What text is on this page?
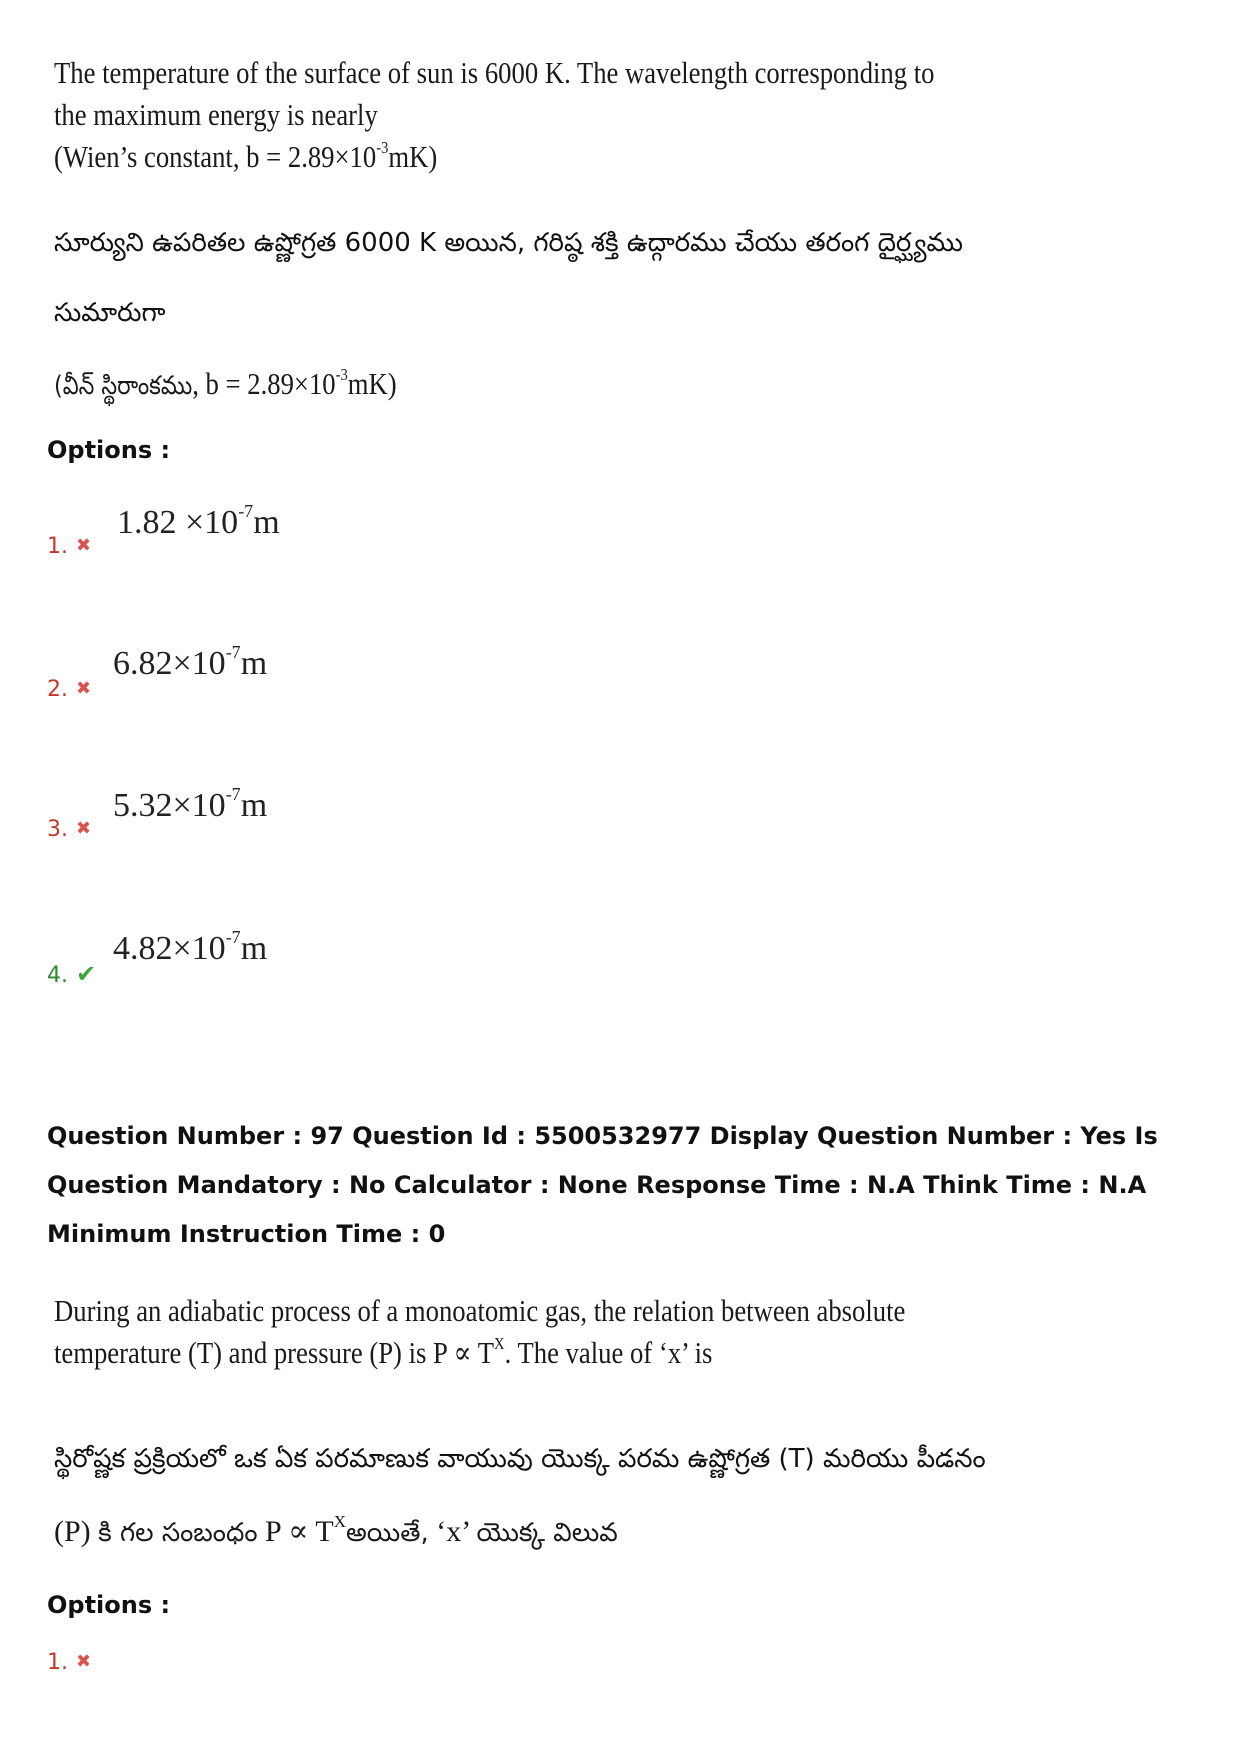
The temperature of the surface of sun is 6000 K. The wavelength corresponding to
the maximum energy is nearly
(Wien’s constant, $b = 2.89\times 10^{-3}mK$)
సూర్యుని ఉపరితల ఉష్ణోగ్రత 6000 K అయిన, గరిష్ఠ శక్తి ఉద్గారము చేయు తరంగ దైర్ఘ్యము
సుమారుగా
(వీన్ స్థిరాంకము, $b = 2.89\times 10^{-3}mK$)
Options :
1. ✖
$1.82 \times 10^{-7}m$
2. ✖
$6.82\times 10^{-7}m$
3. ✖
$5.32\times 10^{-7}m$
4. ✔
$4.82\times 10^{-7}m$
Question Number : 97 Question Id : 5500532977 Display Question Number : Yes Is Question Mandatory : No Calculator : None Response Time : N.A Think Time : N.A Minimum Instruction Time : 0
During an adiabatic process of a monoatomic gas, the relation between absolute
temperature (T) and pressure (P) is $P \propto T^X$. The value of ‘x’ is
స్థిరోష్ణక ప్రక్రియలో ఒక ఏక పరమాణుక వాయువు యొక్క పరమ ఉష్ణోగ్రత (T) మరియు పీడనం
(P) కి గల సంబంధం $P \propto T^Xఅయితే$, ‘x’ యొక్క విలువ
Options :
1. ✖
